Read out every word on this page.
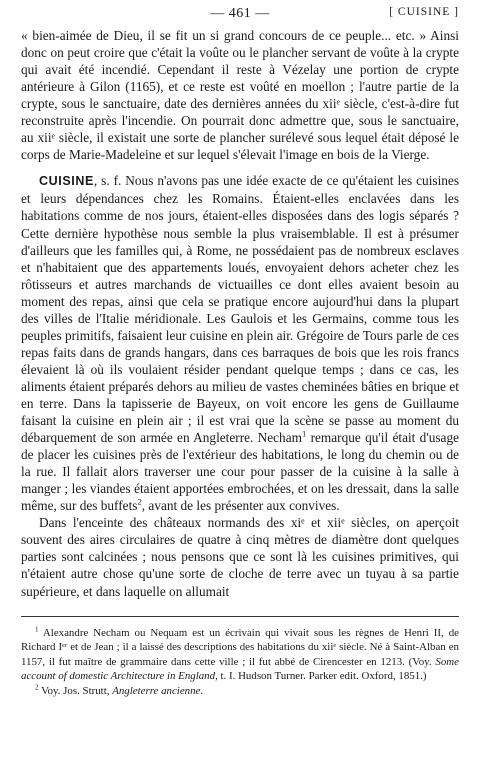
— 461 —	[ CUISINE ]

« bien-aimée de Dieu, il se fit un si grand concours de ce peuple... etc. » Ainsi donc on peut croire que c'était la voûte ou le plancher servant de voûte à la crypte qui avait été incendié. Cependant il reste à Vézelay une portion de crypte antérieure à Gilon (1165), et ce reste est voûté en moellon ; l'autre partie de la crypte, sous le sanctuaire, date des dernières années du xiiᵉ siècle, c'est-à-dire fut reconstruite après l'incendie. On pourrait donc admettre que, sous le sanctuaire, au xiiᵉ siècle, il existait une sorte de plancher surélevé sous lequel était déposé le corps de Marie-Madeleine et sur lequel s'élevait l'image en bois de la Vierge.

CUISINE, s. f. Nous n'avons pas une idée exacte de ce qu'étaient les cuisines et leurs dépendances chez les Romains. Étaient-elles enclavées dans les habitations comme de nos jours, étaient-elles disposées dans des logis séparés ? Cette dernière hypothèse nous semble la plus vraisemblable. Il est à présumer d'ailleurs que les familles qui, à Rome, ne possédaient pas de nombreux esclaves et n'habitaient que des appartements loués, envoyaient dehors acheter chez les rôtisseurs et autres marchands de victuailles ce dont elles avaient besoin au moment des repas, ainsi que cela se pratique encore aujourd'hui dans la plupart des villes de l'Italie méridionale. Les Gaulois et les Germains, comme tous les peuples primitifs, faisaient leur cuisine en plein air. Grégoire de Tours parle de ces repas faits dans de grands hangars, dans ces barraques de bois que les rois francs élevaient là où ils voulaient résider pendant quelque temps ; dans ce cas, les aliments étaient préparés dehors au milieu de vastes cheminées bâties en brique et en terre. Dans la tapisserie de Bayeux, on voit encore les gens de Guillaume faisant la cuisine en plein air ; il est vrai que la scène se passe au moment du débarquement de son armée en Angleterre. Necham$^1$ remarque qu'il était d'usage de placer les cuisines près de l'extérieur des habitations, le long du chemin ou de la rue. Il fallait alors traverser une cour pour passer de la cuisine à la salle à manger ; les viandes étaient apportées embrochées, et on les dressait, dans la salle même, sur des buffets$^2$, avant de les présenter aux convives.

Dans l'enceinte des châteaux normands des xiᵉ et xiiᵉ siècles, on aperçoit souvent des aires circulaires de quatre à cinq mètres de diamètre dont quelques parties sont calcinées ; nous pensons que ce sont là les cuisines primitives, qui n'étaient autre chose qu'une sorte de cloche de terre avec un tuyau à sa partie supérieure, et dans laquelle on allumait

$^1$ Alexandre Necham ou Nequam est un écrivain qui vivait sous les règnes de Henri II, de Richard Iᵉʳ et de Jean ; il a laissé des descriptions des habitations du xiiᵉ siècle. Né à Saint-Alban en 1157, il fut maître de grammaire dans cette ville ; il fut abbé de Cirencester en 1213. (Voy. Some account of domestic Architecture in England, t. I. Hudson Turner. Parker edit. Oxford, 1851.)

$^2$ Voy. Jos. Strutt, Angleterre ancienne.
